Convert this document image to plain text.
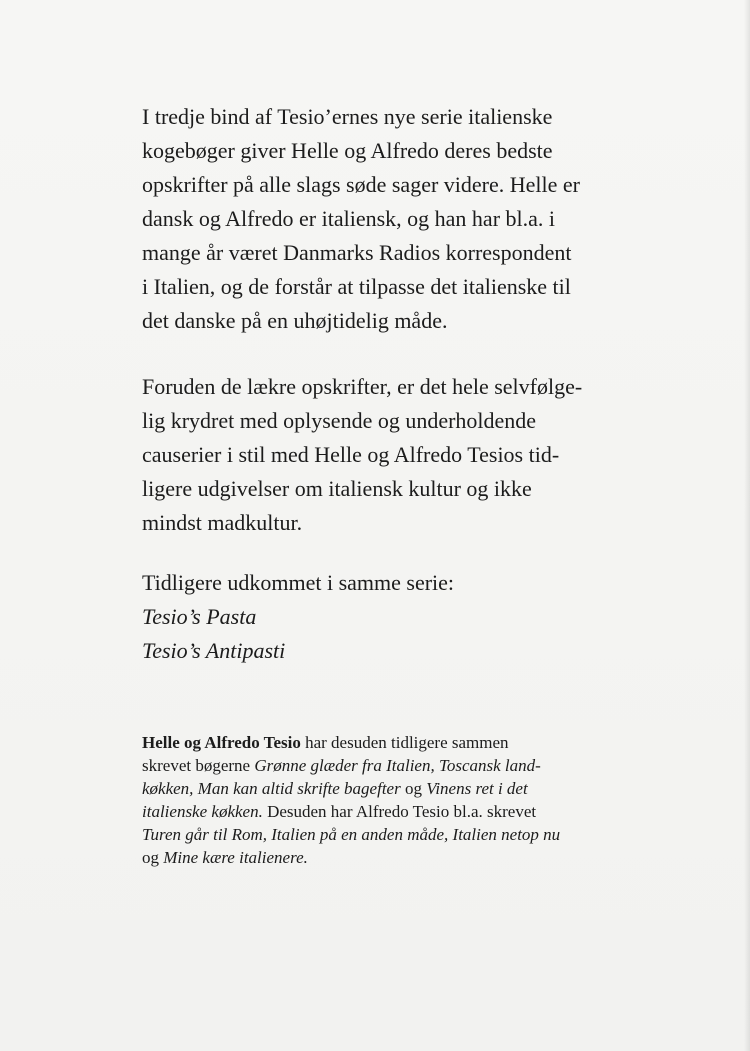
I tredje bind af Tesio’ernes nye serie italienske
kogebøger giver Helle og Alfredo deres bedste
opskrifter på alle slags søde sager videre. Helle er
dansk og Alfredo er italiensk, og han har bl.a. i
mange år været Danmarks Radios korrespondent
i Italien, og de forstår at tilpasse det italienske til
det danske på en uhøjtidelig måde.
Foruden de lækre opskrifter, er det hele selvfølge-
lig krydret med oplysende og underholdende
causerier i stil med Helle og Alfredo Tesios tid-
ligere udgivelser om italiensk kultur og ikke
mindst madkultur.
Tidligere udkommet i samme serie:
Tesio’s Pasta
Tesio’s Antipasti
Helle og Alfredo Tesio har desuden tidligere sammen
skrevet bøgerne Grønne glæder fra Italien, Toscansk land-
køkken, Man kan altid skrifte bagefter og Vinens ret i det
italienske køkken. Desuden har Alfredo Tesio bl.a. skrevet
Turen går til Rom, Italien på en anden måde, Italien netop nu
og Mine kære italienere.
